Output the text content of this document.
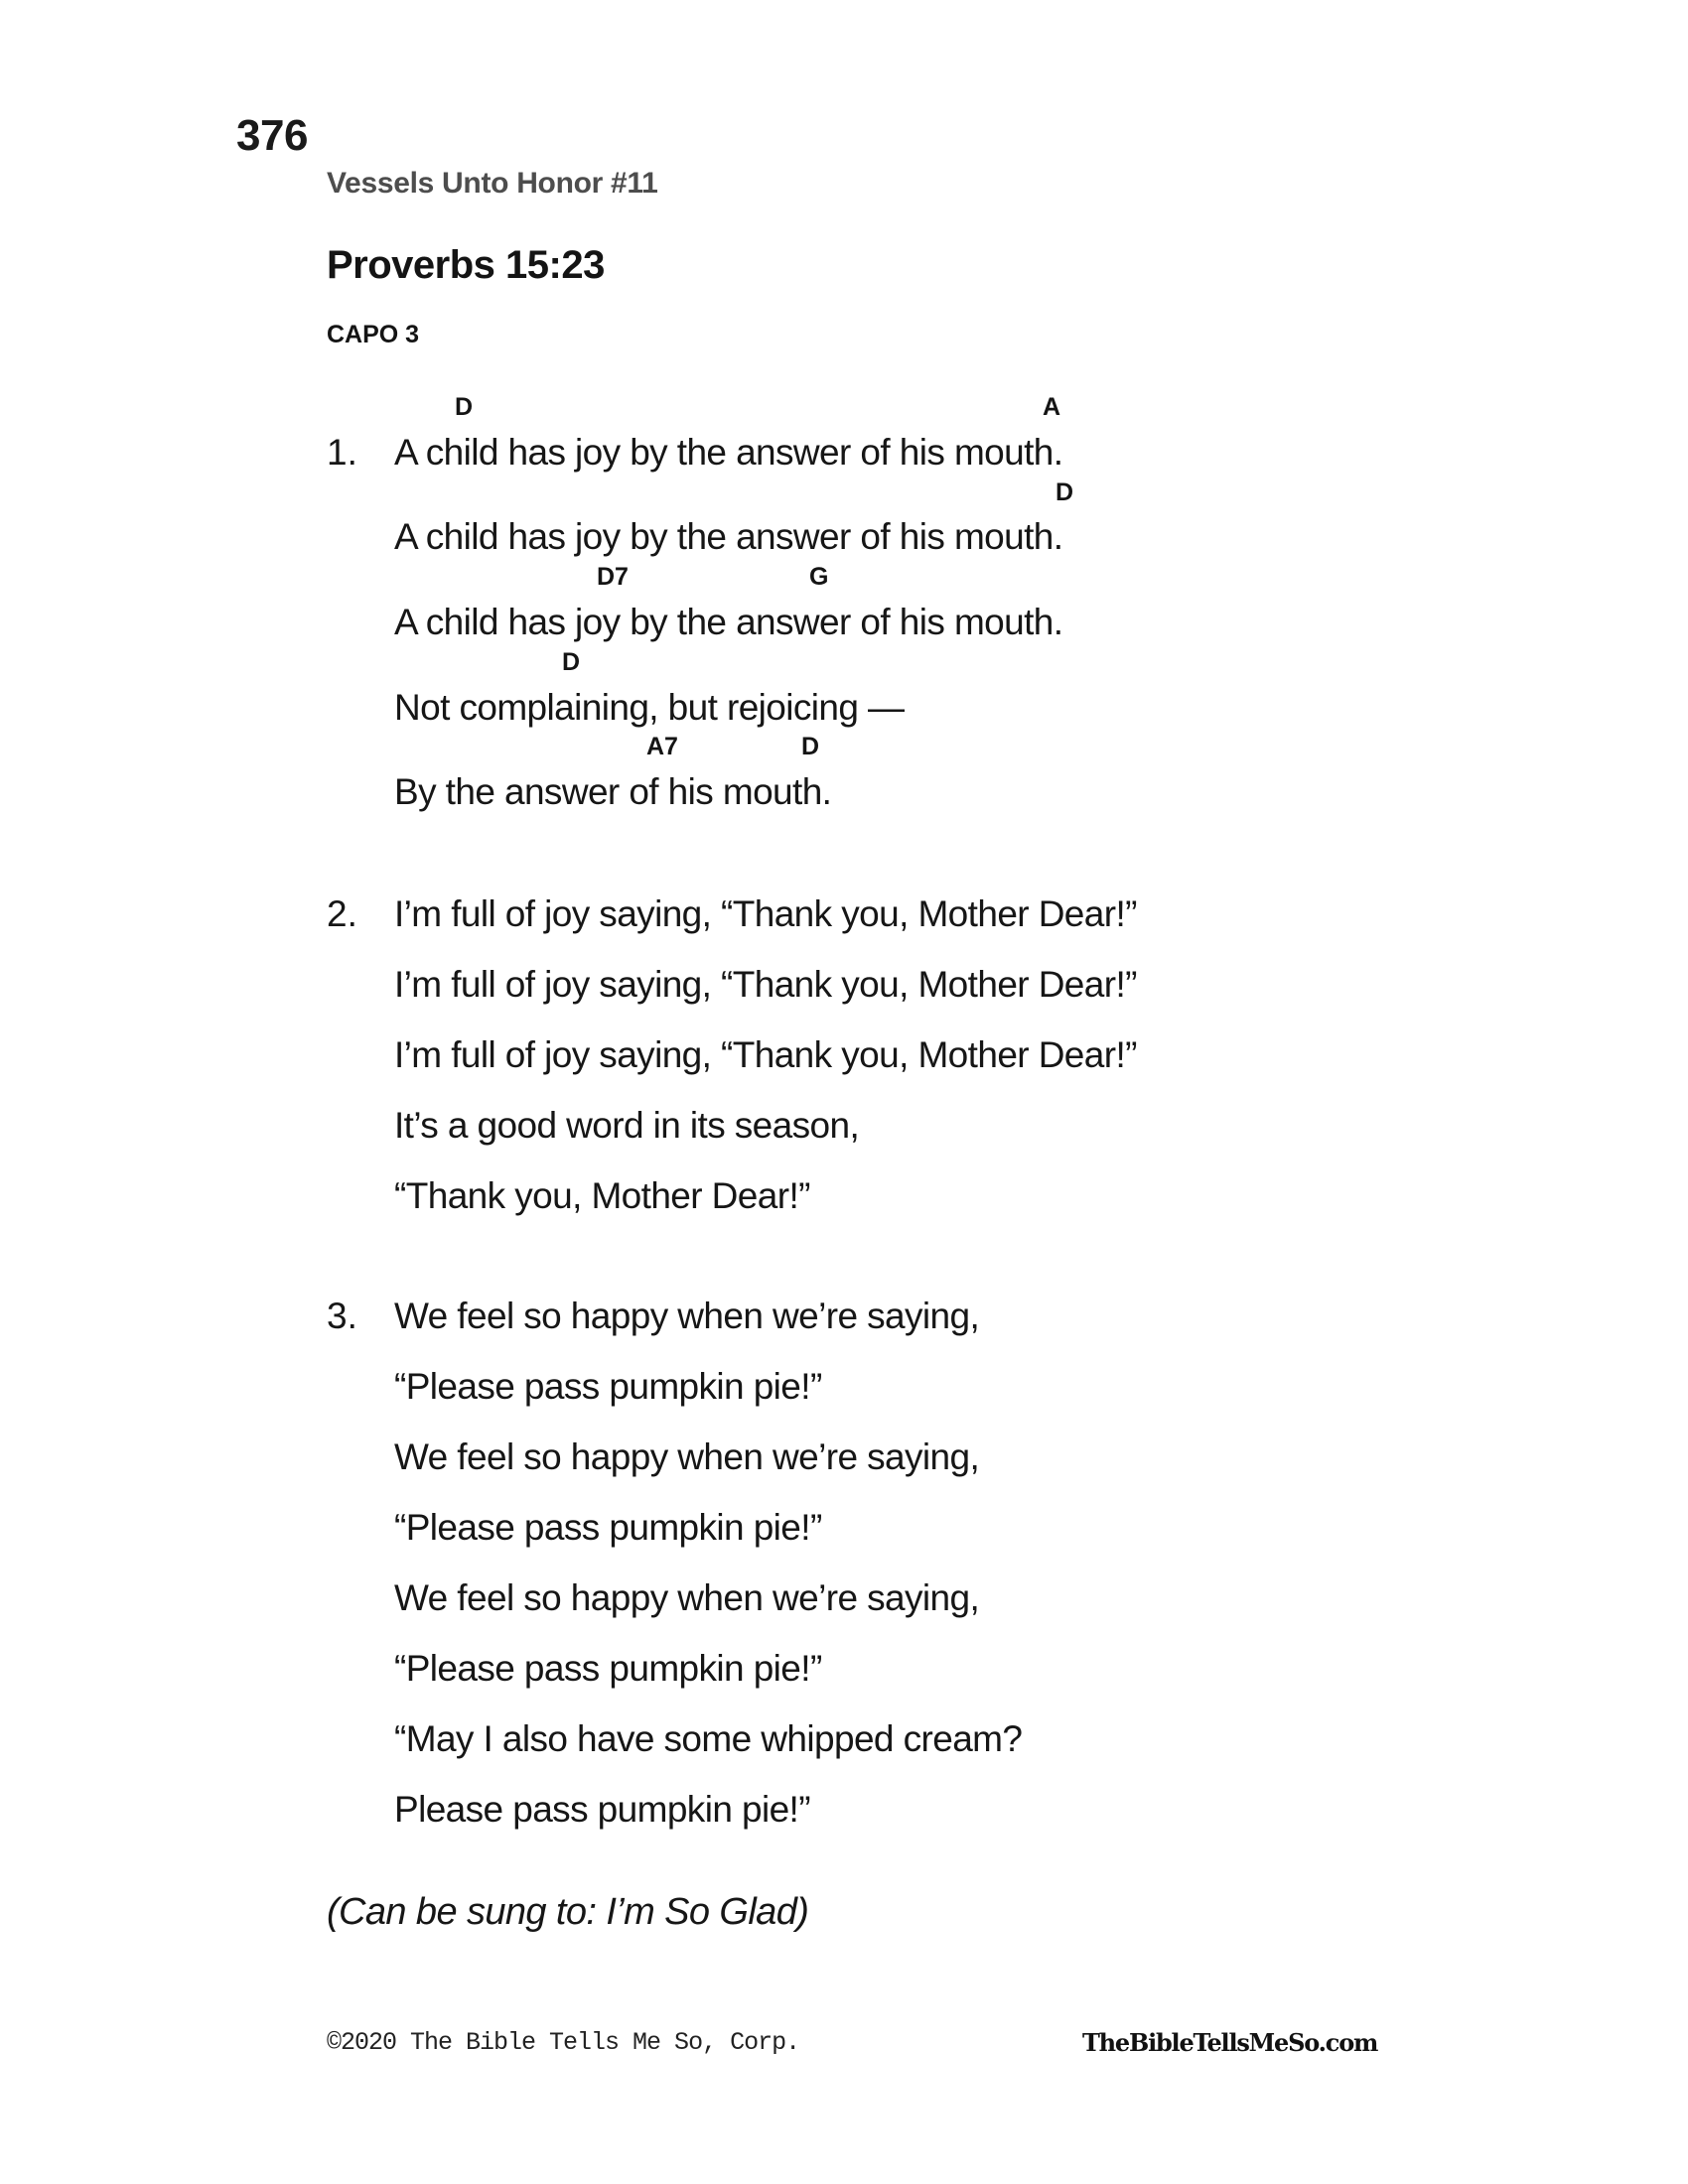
376
Vessels Unto Honor #11
Proverbs 15:23
CAPO 3
1.
D	A
A child has joy by the answer of his mouth.
D
A child has joy by the answer of his mouth.
D7	G
A child has joy by the answer of his mouth.
D
Not complaining, but rejoicing —
A7	D
By the answer of his mouth.
2. I’m full of joy saying, “Thank you, Mother Dear!”
I’m full of joy saying, “Thank you, Mother Dear!”
I’m full of joy saying, “Thank you, Mother Dear!”
It’s a good word in its season,
“Thank you, Mother Dear!”
3. We feel so happy when we’re saying,
“Please pass pumpkin pie!”
We feel so happy when we’re saying,
“Please pass pumpkin pie!”
We feel so happy when we’re saying,
“Please pass pumpkin pie!”
“May I also have some whipped cream?
Please pass pumpkin pie!”
(Can be sung to: I’m So Glad)
©2020 The Bible Tells Me So, Corp.	TheBibleTellsMeSo.com
